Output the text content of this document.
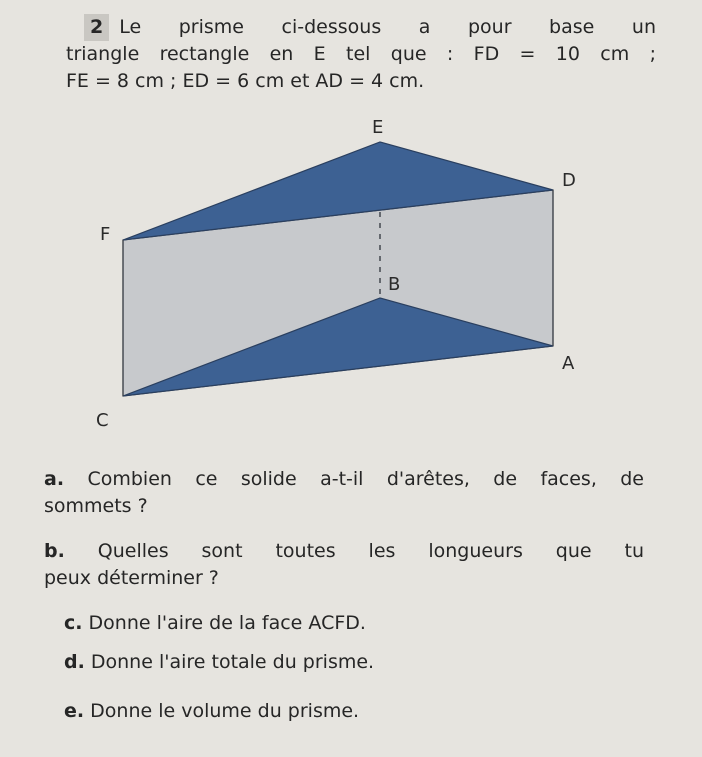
2 Le prisme ci-dessous a pour base un
triangle rectangle en E tel que : FD = 10 cm ;
FE = 8 cm ; ED = 6 cm et AD = 4 cm.
E
D
F
B
A
C
a. Combien ce solide a-t-il d'arêtes, de faces, de
sommets ?
b. Quelles sont toutes les longueurs que tu
peux déterminer ?
c. Donne l'aire de la face ACFD.
d. Donne l'aire totale du prisme.
e. Donne le volume du prisme.
